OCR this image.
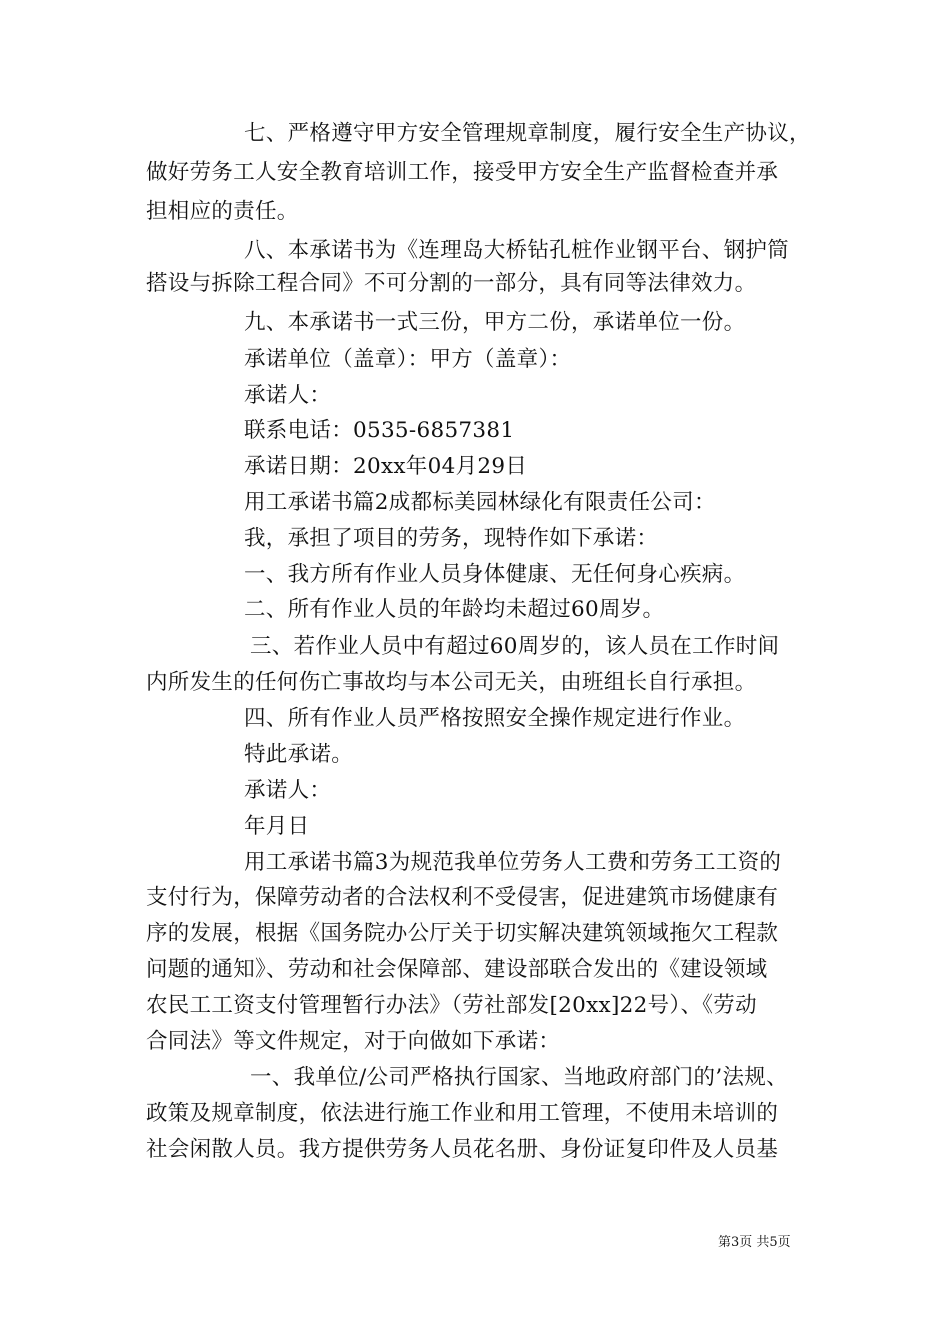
七、严格遵守甲方安全管理规章制度，履行安全生产协议，
做好劳务工人安全教育培训工作，接受甲方安全生产监督检查并承
担相应的责任。
八、本承诺书为《连理岛大桥钻孔桩作业钢平台、钢护筒
搭设与拆除工程合同》不可分割的一部分，具有同等法律效力。
九、本承诺书一式三份，甲方二份，承诺单位一份。
承诺单位（盖章）：甲方（盖章）：
承诺人：
联系电话：0535-6857381
承诺日期：20xx年04月29日
用工承诺书篇2成都标美园林绿化有限责任公司：
我，承担了项目的劳务，现特作如下承诺：
一、我方所有作业人员身体健康、无任何身心疾病。
二、所有作业人员的年龄均未超过60周岁。
三、若作业人员中有超过60周岁的，该人员在工作时间
内所发生的任何伤亡事故均与本公司无关，由班组长自行承担。
四、所有作业人员严格按照安全操作规定进行作业。
特此承诺。
承诺人：
年月日
用工承诺书篇3为规范我单位劳务人工费和劳务工工资的
支付行为，保障劳动者的合法权利不受侵害，促进建筑市场健康有
序的发展，根据《国务院办公厅关于切实解决建筑领域拖欠工程款
问题的通知》、劳动和社会保障部、建设部联合发出的《建设领域
农民工工资支付管理暂行办法》（劳社部发[20xx]22号）、《劳动
合同法》等文件规定，对于向做如下承诺：
一、我单位/公司严格执行国家、当地政府部门的’法规、
政策及规章制度，依法进行施工作业和用工管理，不使用未培训的
社会闲散人员。我方提供劳务人员花名册、身份证复印件及人员基
第3页 共5页
